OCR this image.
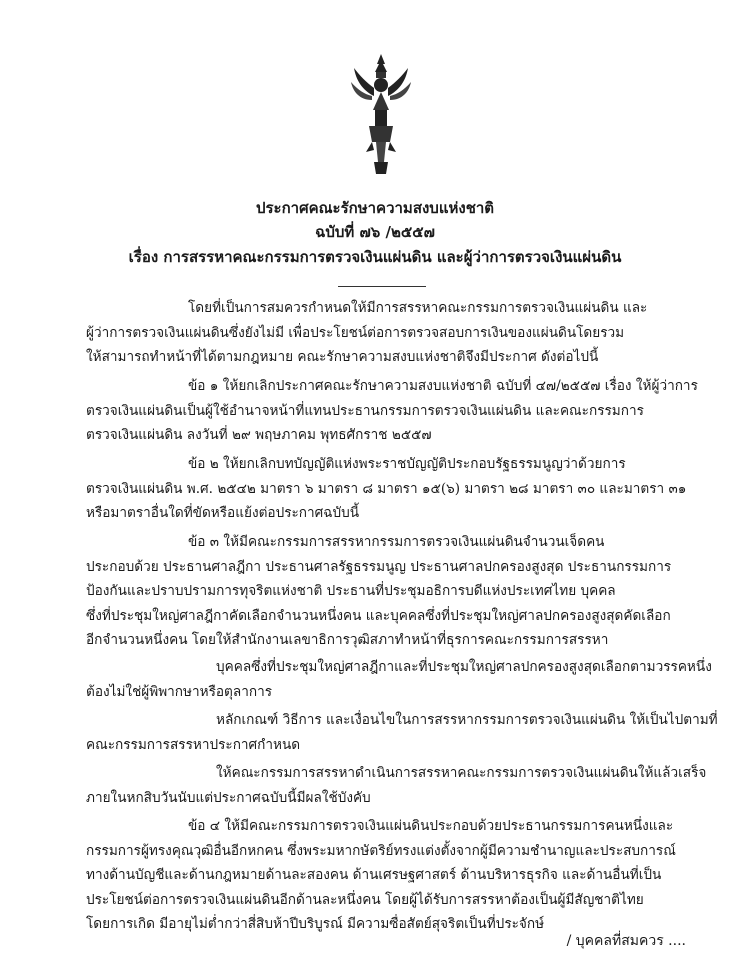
ประกาศคณะรักษาความสงบแห่งชาติ
ฉบับที่ ๗๖ /๒๕๕๗
เรื่อง การสรรหาคณะกรรมการตรวจเงินแผ่นดิน และผู้ว่าการตรวจเงินแผ่นดิน
โดยที่เป็นการสมควรกำหนดให้มีการสรรหาคณะกรรมการตรวจเงินแผ่นดิน และ
ผู้ว่าการตรวจเงินแผ่นดินซึ่งยังไม่มี เพื่อประโยชน์ต่อการตรวจสอบการเงินของแผ่นดินโดยรวม
ให้สามารถทำหน้าที่ได้ตามกฎหมาย คณะรักษาความสงบแห่งชาติจึงมีประกาศ ดังต่อไปนี้
ข้อ ๑ ให้ยกเลิกประกาศคณะรักษาความสงบแห่งชาติ ฉบับที่ ๔๗/๒๕๕๗ เรื่อง ให้ผู้ว่าการ
ตรวจเงินแผ่นดินเป็นผู้ใช้อำนาจหน้าที่แทนประธานกรรมการตรวจเงินแผ่นดิน และคณะกรรมการ
ตรวจเงินแผ่นดิน ลงวันที่ ๒๙ พฤษภาคม พุทธศักราช ๒๕๕๗
ข้อ ๒ ให้ยกเลิกบทบัญญัติแห่งพระราชบัญญัติประกอบรัฐธรรมนูญว่าด้วยการ
ตรวจเงินแผ่นดิน พ.ศ. ๒๕๔๒ มาตรา ๖ มาตรา ๘ มาตรา ๑๕(๖) มาตรา ๒๘ มาตรา ๓๐ และมาตรา ๓๑
หรือมาตราอื่นใดที่ขัดหรือแย้งต่อประกาศฉบับนี้
ข้อ ๓ ให้มีคณะกรรมการสรรหากรรมการตรวจเงินแผ่นดินจำนวนเจ็ดคน
ประกอบด้วย ประธานศาลฎีกา ประธานศาลรัฐธรรมนูญ ประธานศาลปกครองสูงสุด ประธานกรรมการ
ป้องกันและปราบปรามการทุจริตแห่งชาติ ประธานที่ประชุมอธิการบดีแห่งประเทศไทย บุคคล
ซึ่งที่ประชุมใหญ่ศาลฎีกาคัดเลือกจำนวนหนึ่งคน และบุคคลซึ่งที่ประชุมใหญ่ศาลปกครองสูงสุดคัดเลือก
อีกจำนวนหนึ่งคน โดยให้สำนักงานเลขาธิการวุฒิสภาทำหน้าที่ธุรการคณะกรรมการสรรหา
บุคคลซึ่งที่ประชุมใหญ่ศาลฎีกาและที่ประชุมใหญ่ศาลปกครองสูงสุดเลือกตามวรรคหนึ่ง
ต้องไม่ใช่ผู้พิพากษาหรือตุลาการ
หลักเกณฑ์ วิธีการ และเงื่อนไขในการสรรหากรรมการตรวจเงินแผ่นดิน ให้เป็นไปตามที่
คณะกรรมการสรรหาประกาศกำหนด
ให้คณะกรรมการสรรหาดำเนินการสรรหาคณะกรรมการตรวจเงินแผ่นดินให้แล้วเสร็จ
ภายในหกสิบวันนับแต่ประกาศฉบับนี้มีผลใช้บังคับ
ข้อ ๔ ให้มีคณะกรรมการตรวจเงินแผ่นดินประกอบด้วยประธานกรรมการคนหนึ่งและ
กรรมการผู้ทรงคุณวุฒิอื่นอีกหกคน ซึ่งพระมหากษัตริย์ทรงแต่งตั้งจากผู้มีความชำนาญและประสบการณ์
ทางด้านบัญชีและด้านกฎหมายด้านละสองคน ด้านเศรษฐศาสตร์ ด้านบริหารธุรกิจ และด้านอื่นที่เป็น
ประโยชน์ต่อการตรวจเงินแผ่นดินอีกด้านละหนึ่งคน โดยผู้ได้รับการสรรหาต้องเป็นผู้มีสัญชาติไทย
โดยการเกิด มีอายุไม่ต่ำกว่าสี่สิบห้าปีบริบูรณ์ มีความซื่อสัตย์สุจริตเป็นที่ประจักษ์
/ บุคคลที่สมควร ....
